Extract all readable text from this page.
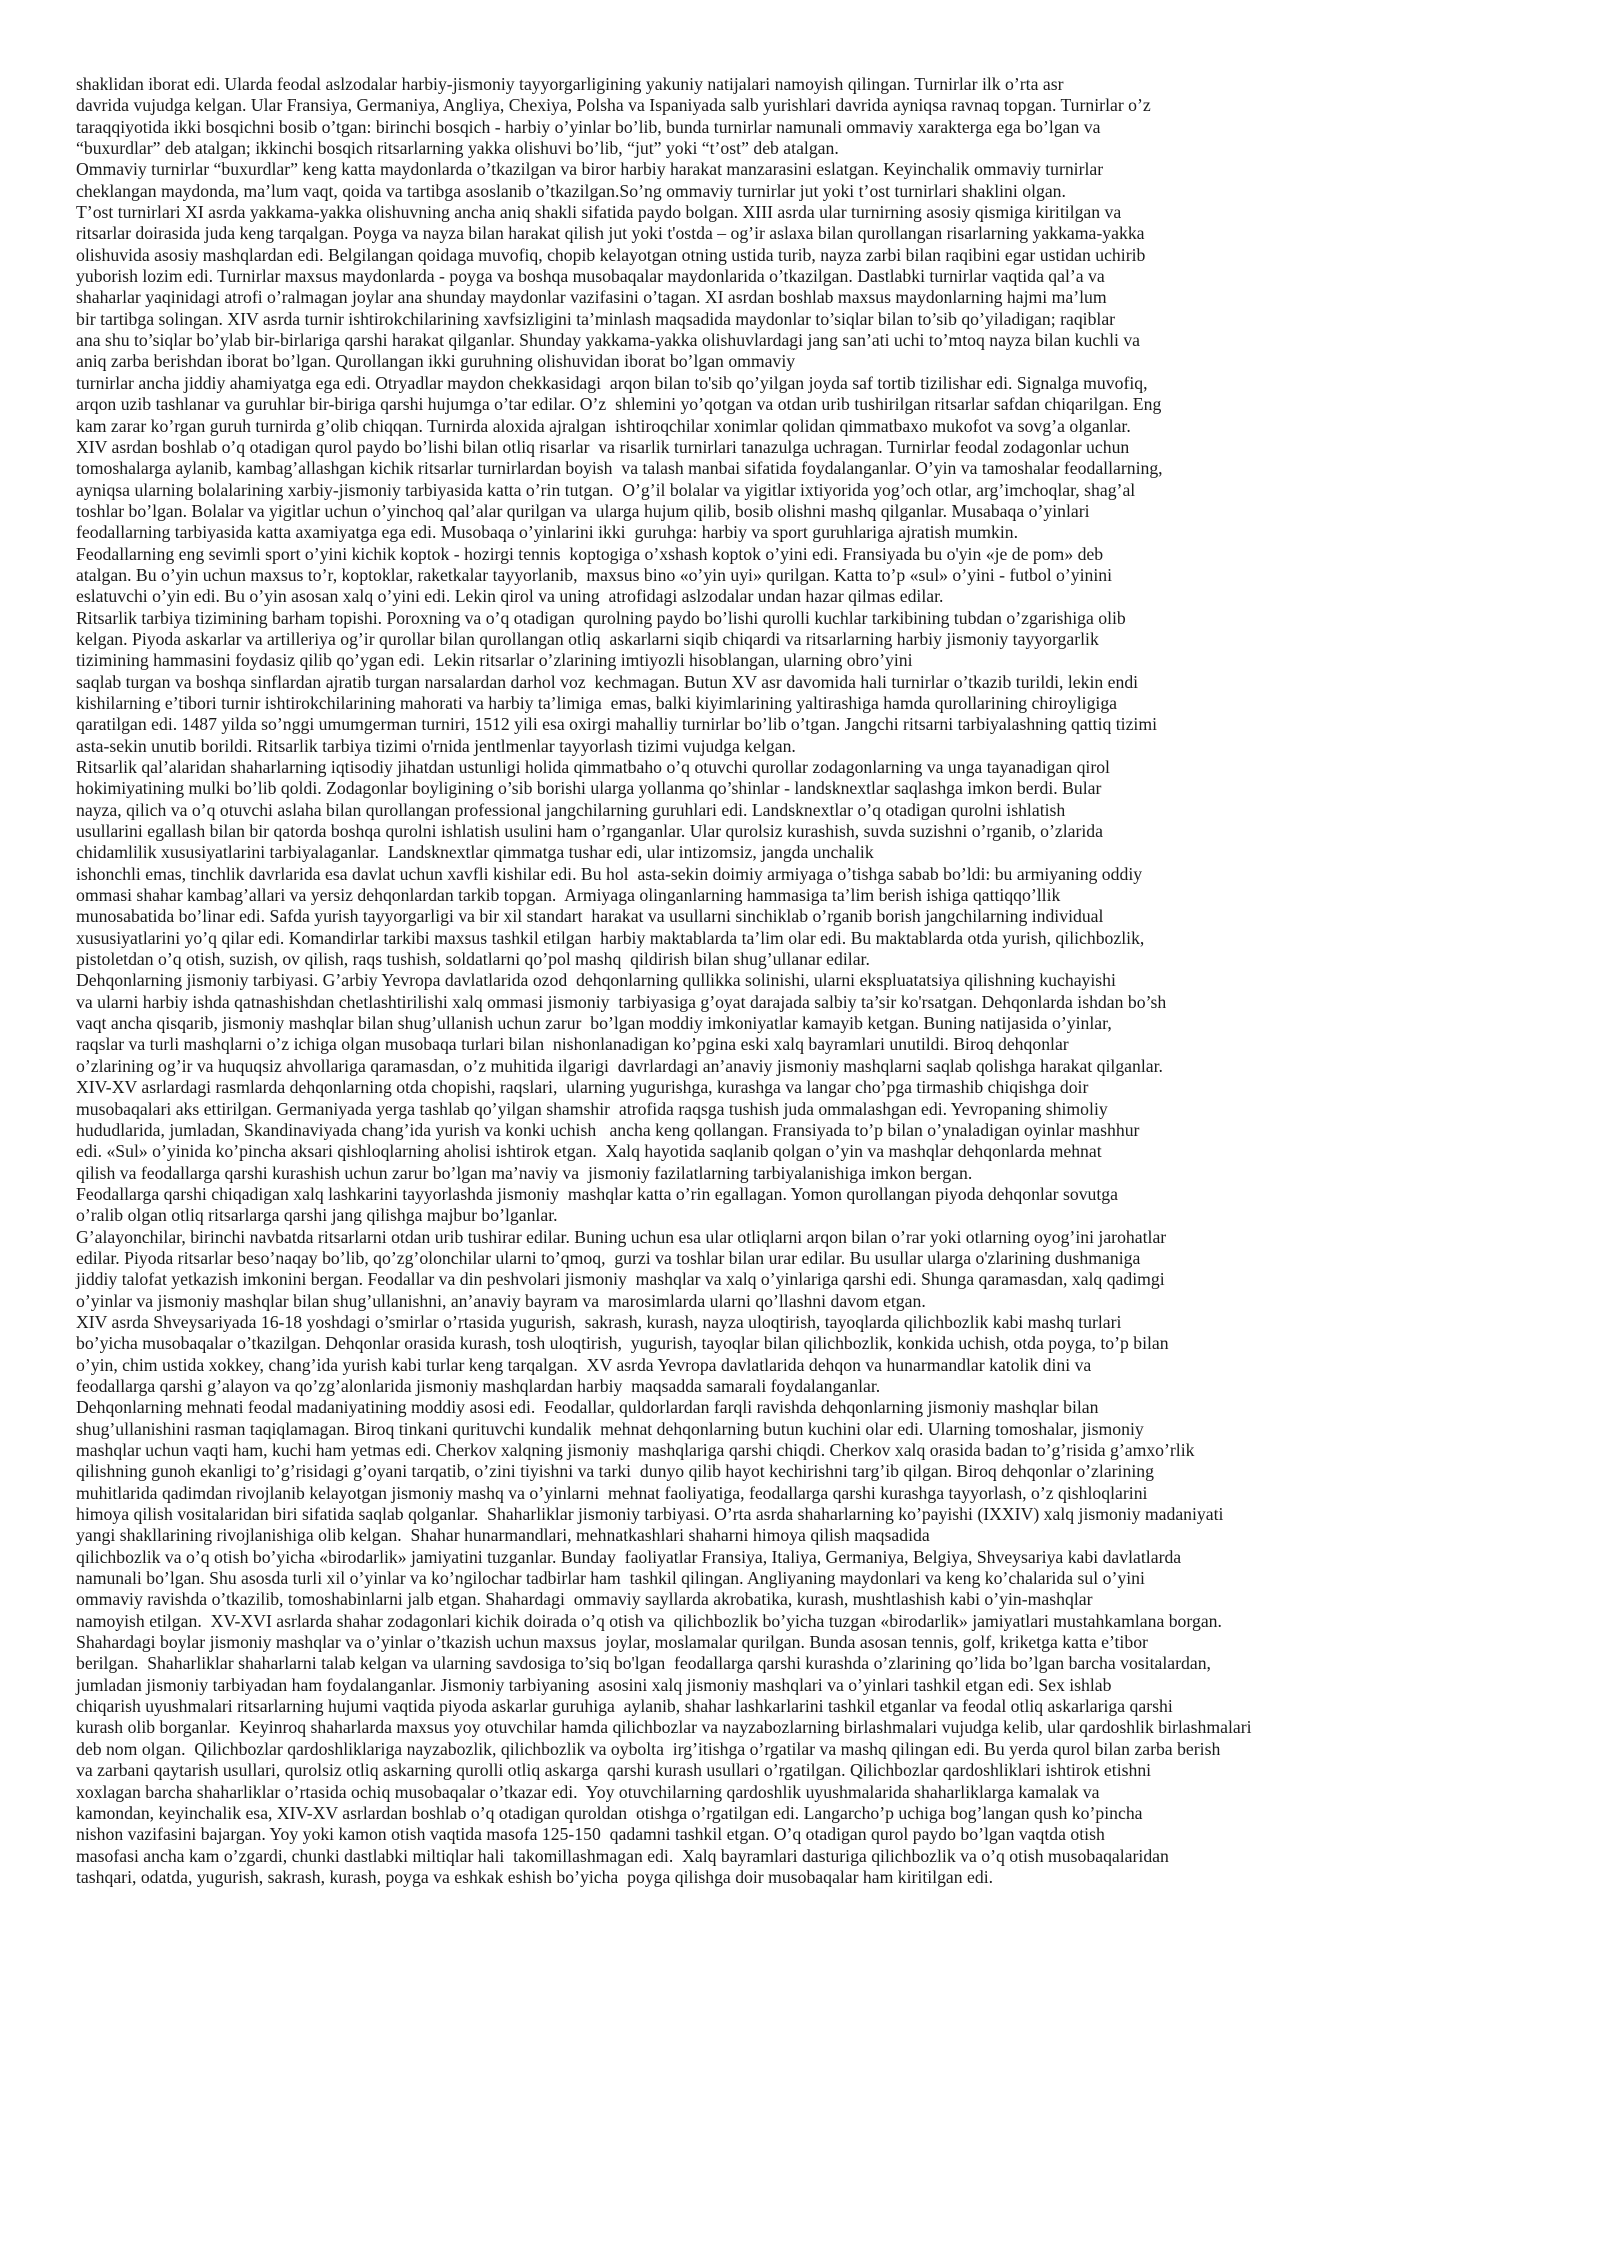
shaklidan iborat edi. Ularda feodal aslzodalar harbiy-jismoniy tayyorgarligining yakuniy natijalari namoyish qilingan. Turnirlar ilk o’rta asr
davrida vujudga kelgan. Ular Fransiya, Germaniya, Angliya, Chexiya, Polsha va Ispaniyada salb yurishlari davrida ayniqsa ravnaq topgan. Turnirlar o’z
taraqqiyotida ikki bosqichni bosib o’tgan: birinchi bosqich - harbiy o’yinlar bo’lib, bunda turnirlar namunali ommaviy xarakterga ega bo’lgan va
“buxurdlar” deb atalgan; ikkinchi bosqich ritsarlarning yakka olishuvi bo’lib, “jut” yoki “t’ost” deb atalgan.
Ommaviy turnirlar “buxurdlar” keng katta maydonlarda o’tkazilgan va biror harbiy harakat manzarasini eslatgan. Keyinchalik ommaviy turnirlar
cheklangan maydonda, ma’lum vaqt, qoida va tartibga asoslanib o’tkazilgan.So’ng ommaviy turnirlar jut yoki t’ost turnirlari shaklini olgan.
T’ost turnirlari XI asrda yakkama-yakka olishuvning ancha aniq shakli sifatida paydo bolgan. XIII asrda ular turnirning asosiy qismiga kiritilgan va
ritsarlar doirasida juda keng tarqalgan. Poyga va nayza bilan harakat qilish jut yoki t'ostda – og’ir aslaxa bilan qurollangan risarlarning yakkama-yakka
olishuvida asosiy mashqlardan edi. Belgilangan qoidaga muvofiq, chopib kelayotgan otning ustida turib, nayza zarbi bilan raqibini egar ustidan uchirib
yuborish lozim edi. Turnirlar maxsus maydonlarda - poyga va boshqa musobaqalar maydonlarida o’tkazilgan. Dastlabki turnirlar vaqtida qal’a va
shaharlar yaqinidagi atrofi o’ralmagan joylar ana shunday maydonlar vazifasini o’tagan. XI asrdan boshlab maxsus maydonlarning hajmi ma’lum
bir tartibga solingan. XIV asrda turnir ishtirokchilarining xavfsizligini ta’minlash maqsadida maydonlar to’siqlar bilan to’sib qo’yiladigan; raqiblar
ana shu to’siqlar bo’ylab bir-birlariga qarshi harakat qilganlar. Shunday yakkama-yakka olishuvlardagi jang san’ati uchi to’mtoq nayza bilan kuchli va
aniq zarba berishdan iborat bo’lgan. Qurollangan ikki guruhning olishuvidan iborat bo’lgan ommaviy
turnirlar ancha jiddiy ahamiyatga ega edi. Otryadlar maydon chekkasidagi  arqon bilan to'sib qo’yilgan joyda saf tortib tizilishar edi. Signalga muvofiq,
arqon uzib tashlanar va guruhlar bir-biriga qarshi hujumga o’tar edilar. O’z  shlemini yo’qotgan va otdan urib tushirilgan ritsarlar safdan chiqarilgan. Eng
kam zarar ko’rgan guruh turnirda g’olib chiqqan. Turnirda aloxida ajralgan  ishtiroqchilar xonimlar qolidan qimmatbaxo mukofot va sovg’a olganlar.
XIV asrdan boshlab o’q otadigan qurol paydo bo’lishi bilan otliq risarlar  va risarlik turnirlari tanazulga uchragan. Turnirlar feodal zodagonlar uchun
tomoshalarga aylanib, kambag’allashgan kichik ritsarlar turnirlardan boyish  va talash manbai sifatida foydalanganlar. O’yin va tamoshalar feodallarning,
ayniqsa ularning bolalarining xarbiy-jismoniy tarbiyasida katta o’rin tutgan.  O’g’il bolalar va yigitlar ixtiyorida yog’och otlar, arg’imchoqlar, shag’al
toshlar bo’lgan. Bolalar va yigitlar uchun o’yinchoq qal’alar qurilgan va  ularga hujum qilib, bosib olishni mashq qilganlar. Musabaqa o’yinlari
feodallarning tarbiyasida katta axamiyatga ega edi. Musobaqa o’yinlarini ikki  guruhga: harbiy va sport guruhlariga ajratish mumkin.
Feodallarning eng sevimli sport o’yini kichik koptok - hozirgi tennis  koptogiga o’xshash koptok o’yini edi. Fransiyada bu o'yin «je de pom» deb
atalgan. Bu o’yin uchun maxsus to’r, koptoklar, raketkalar tayyorlanib,  maxsus bino «o’yin uyi» qurilgan. Katta to’p «sul» o’yini - futbol o’yinini
eslatuvchi o’yin edi. Bu o’yin asosan xalq o’yini edi. Lekin qirol va uning  atrofidagi aslzodalar undan hazar qilmas edilar.
Ritsarlik tarbiya tizimining barham topishi. Poroxning va o’q otadigan  qurolning paydo bo’lishi qurolli kuchlar tarkibining tubdan o’zgarishiga olib
kelgan. Piyoda askarlar va artilleriya og’ir qurollar bilan qurollangan otliq  askarlarni siqib chiqardi va ritsarlarning harbiy jismoniy tayyorgarlik
tizimining hammasini foydasiz qilib qo’ygan edi.  Lekin ritsarlar o’zlarining imtiyozli hisoblangan, ularning obro’yini
saqlab turgan va boshqa sinflardan ajratib turgan narsalardan darhol voz  kechmagan. Butun XV asr davomida hali turnirlar o’tkazib turildi, lekin endi
kishilarning e’tibori turnir ishtirokchilarining mahorati va harbiy ta’limiga  emas, balki kiyimlarining yaltirashiga hamda qurollarining chiroyligiga
qaratilgan edi. 1487 yilda so’nggi umumgerman turniri, 1512 yili esa oxirgi mahalliy turnirlar bo’lib o’tgan. Jangchi ritsarni tarbiyalashning qattiq tizimi
asta-sekin unutib borildi. Ritsarlik tarbiya tizimi o'rnida jentlmenlar tayyorlash tizimi vujudga kelgan.
Ritsarlik qal’alaridan shaharlarning iqtisodiy jihatdan ustunligi holida qimmatbaho o’q otuvchi qurollar zodagonlarning va unga tayanadigan qirol
hokimiyatining mulki bo’lib qoldi. Zodagonlar boyligining o’sib borishi ularga yollanma qo’shinlar - landsknextlar saqlashga imkon berdi. Bular
nayza, qilich va o’q otuvchi aslaha bilan qurollangan professional jangchilarning guruhlari edi. Landsknextlar o’q otadigan qurolni ishlatish
usullarini egallash bilan bir qatorda boshqa qurolni ishlatish usulini ham o’rganganlar. Ular qurolsiz kurashish, suvda suzishni o’rganib, o’zlarida
chidamlilik xususiyatlarini tarbiyalaganlar.  Landsknextlar qimmatga tushar edi, ular intizomsiz, jangda unchalik
ishonchli emas, tinchlik davrlarida esa davlat uchun xavfli kishilar edi. Bu hol  asta-sekin doimiy armiyaga o’tishga sabab bo’ldi: bu armiyaning oddiy
ommasi shahar kambag’allari va yersiz dehqonlardan tarkib topgan.  Armiyaga olinganlarning hammasiga ta’lim berish ishiga qattiqqo’llik
munosabatida bo’linar edi. Safda yurish tayyorgarligi va bir xil standart  harakat va usullarni sinchiklab o’rganib borish jangchilarning individual
xususiyatlarini yo’q qilar edi. Komandirlar tarkibi maxsus tashkil etilgan  harbiy maktablarda ta’lim olar edi. Bu maktablarda otda yurish, qilichbozlik,
pistoletdan o’q otish, suzish, ov qilish, raqs tushish, soldatlarni qo’pol mashq  qildirish bilan shug’ullanar edilar.
Dehqonlarning jismoniy tarbiyasi. G’arbiy Yevropa davlatlarida ozod  dehqonlarning qullikka solinishi, ularni ekspluatatsiya qilishning kuchayishi
va ularni harbiy ishda qatnashishdan chetlashtirilishi xalq ommasi jismoniy  tarbiyasiga g’oyat darajada salbiy ta’sir ko'rsatgan. Dehqonlarda ishdan bo’sh
vaqt ancha qisqarib, jismoniy mashqlar bilan shug’ullanish uchun zarur  bo’lgan moddiy imkoniyatlar kamayib ketgan. Buning natijasida o’yinlar,
raqslar va turli mashqlarni o’z ichiga olgan musobaqa turlari bilan  nishonlanadigan ko’pgina eski xalq bayramlari unutildi. Biroq dehqonlar
o’zlarining og’ir va huquqsiz ahvollariga qaramasdan, o’z muhitida ilgarigi  davrlardagi an’anaviy jismoniy mashqlarni saqlab qolishga harakat qilganlar.
XIV-XV asrlardagi rasmlarda dehqonlarning otda chopishi, raqslari,  ularning yugurishga, kurashga va langar cho’pga tirmashib chiqishga doir
musobaqalari aks ettirilgan. Germaniyada yerga tashlab qo’yilgan shamshir  atrofida raqsga tushish juda ommalashgan edi. Yevropaning shimoliy
hududlarida, jumladan, Skandinaviyada chang’ida yurish va konki uchish   ancha keng qollangan. Fransiyada to’p bilan o’ynaladigan oyinlar mashhur
edi. «Sul» o’yinida ko’pincha aksari qishloqlarning aholisi ishtirok etgan.  Xalq hayotida saqlanib qolgan o’yin va mashqlar dehqonlarda mehnat
qilish va feodallarga qarshi kurashish uchun zarur bo’lgan ma’naviy va  jismoniy fazilatlarning tarbiyalanishiga imkon bergan.
Feodallarga qarshi chiqadigan xalq lashkarini tayyorlashda jismoniy  mashqlar katta o’rin egallagan. Yomon qurollangan piyoda dehqonlar sovutga
o’ralib olgan otliq ritsarlarga qarshi jang qilishga majbur bo’lganlar.
G’alayonchilar, birinchi navbatda ritsarlarni otdan urib tushirar edilar. Buning uchun esa ular otliqlarni arqon bilan o’rar yoki otlarning oyog’ini jarohatlar
edilar. Piyoda ritsarlar beso’naqay bo’lib, qo’zg’olonchilar ularni to’qmoq,  gurzi va toshlar bilan urar edilar. Bu usullar ularga o'zlarining dushmaniga
jiddiy talofat yetkazish imkonini bergan. Feodallar va din peshvolari jismoniy  mashqlar va xalq o’yinlariga qarshi edi. Shunga qaramasdan, xalq qadimgi
o’yinlar va jismoniy mashqlar bilan shug’ullanishni, an’anaviy bayram va  marosimlarda ularni qo’llashni davom etgan.
XIV asrda Shveysariyada 16-18 yoshdagi o’smirlar o’rtasida yugurish,  sakrash, kurash, nayza uloqtirish, tayoqlarda qilichbozlik kabi mashq turlari
bo’yicha musobaqalar o’tkazilgan. Dehqonlar orasida kurash, tosh uloqtirish,  yugurish, tayoqlar bilan qilichbozlik, konkida uchish, otda poyga, to’p bilan
o’yin, chim ustida xokkey, chang’ida yurish kabi turlar keng tarqalgan.  XV asrda Yevropa davlatlarida dehqon va hunarmandlar katolik dini va
feodallarga qarshi g’alayon va qo’zg’alonlarida jismoniy mashqlardan harbiy  maqsadda samarali foydalanganlar.
Dehqonlarning mehnati feodal madaniyatining moddiy asosi edi.  Feodallar, quldorlardan farqli ravishda dehqonlarning jismoniy mashqlar bilan
shug’ullanishini rasman taqiqlamagan. Biroq tinkani qurituvchi kundalik  mehnat dehqonlarning butun kuchini olar edi. Ularning tomoshalar, jismoniy
mashqlar uchun vaqti ham, kuchi ham yetmas edi. Cherkov xalqning jismoniy  mashqlariga qarshi chiqdi. Cherkov xalq orasida badan to’g’risida g’amxo’rlik
qilishning gunoh ekanligi to’g’risidagi g’oyani tarqatib, o’zini tiyishni va tarki  dunyo qilib hayot kechirishni targ’ib qilgan. Biroq dehqonlar o’zlarining
muhitlarida qadimdan rivojlanib kelayotgan jismoniy mashq va o’yinlarni  mehnat faoliyatiga, feodallarga qarshi kurashga tayyorlash, o’z qishloqlarini
himoya qilish vositalaridan biri sifatida saqlab qolganlar.  Shaharliklar jismoniy tarbiyasi. O’rta asrda shaharlarning ko’payishi (IXXIV) xalq jismoniy madaniyati
yangi shakllarining rivojlanishiga olib kelgan.  Shahar hunarmandlari, mehnatkashlari shaharni himoya qilish maqsadida
qilichbozlik va o’q otish bo’yicha «birodarlik» jamiyatini tuzganlar. Bunday  faoliyatlar Fransiya, Italiya, Germaniya, Belgiya, Shveysariya kabi davlatlarda
namunali bo’lgan. Shu asosda turli xil o’yinlar va ko’ngilochar tadbirlar ham  tashkil qilingan. Angliyaning maydonlari va keng ko’chalarida sul o’yini
ommaviy ravishda o’tkazilib, tomoshabinlarni jalb etgan. Shahardagi  ommaviy sayllarda akrobatika, kurash, mushtlashish kabi o’yin-mashqlar
namoyish etilgan.  XV-XVI asrlarda shahar zodagonlari kichik doirada o’q otish va  qilichbozlik bo’yicha tuzgan «birodarlik» jamiyatlari mustahkamlana borgan.
Shahardagi boylar jismoniy mashqlar va o’yinlar o’tkazish uchun maxsus  joylar, moslamalar qurilgan. Bunda asosan tennis, golf, kriketga katta e’tibor
berilgan.  Shaharliklar shaharlarni talab kelgan va ularning savdosiga to’siq bo'lgan  feodallarga qarshi kurashda o’zlarining qo’lida bo’lgan barcha vositalardan,
jumladan jismoniy tarbiyadan ham foydalanganlar. Jismoniy tarbiyaning  asosini xalq jismoniy mashqlari va o’yinlari tashkil etgan edi. Sex ishlab
chiqarish uyushmalari ritsarlarning hujumi vaqtida piyoda askarlar guruhiga  aylanib, shahar lashkarlarini tashkil etganlar va feodal otliq askarlariga qarshi
kurash olib borganlar.  Keyinroq shaharlarda maxsus yoy otuvchilar hamda qilichbozlar va nayzabozlarning birlashmalari vujudga kelib, ular qardoshlik birlashmalari
deb nom olgan.  Qilichbozlar qardoshliklariga nayzabozlik, qilichbozlik va oybolta  irg’itishga o’rgatilar va mashq qilingan edi. Bu yerda qurol bilan zarba berish
va zarbani qaytarish usullari, qurolsiz otliq askarning qurolli otliq askarga  qarshi kurash usullari o’rgatilgan. Qilichbozlar qardoshliklari ishtirok etishni
xoxlagan barcha shaharliklar o’rtasida ochiq musobaqalar o’tkazar edi.  Yoy otuvchilarning qardoshlik uyushmalarida shaharliklarga kamalak va
kamondan, keyinchalik esa, XIV-XV asrlardan boshlab o’q otadigan quroldan  otishga o’rgatilgan edi. Langarcho’p uchiga bog’langan qush ko’pincha
nishon vazifasini bajargan. Yoy yoki kamon otish vaqtida masofa 125-150  qadamni tashkil etgan. O’q otadigan qurol paydo bo’lgan vaqtda otish
masofasi ancha kam o’zgardi, chunki dastlabki miltiqlar hali  takomillashmagan edi.  Xalq bayramlari dasturiga qilichbozlik va o’q otish musobaqalaridan
tashqari, odatda, yugurish, sakrash, kurash, poyga va eshkak eshish bo’yicha  poyga qilishga doir musobaqalar ham kiritilgan edi.
